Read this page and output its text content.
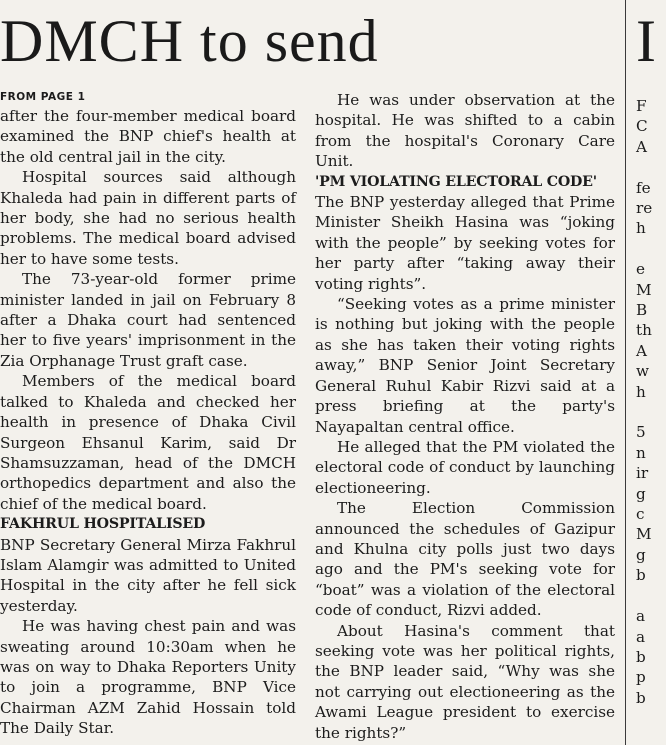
DMCH to send	I
FROM PAGE 1

after the four-member medical board examined the BNP chief's health at the old central jail in the city.

Hospital sources said although Khaleda had pain in different parts of her body, she had no serious health problems. The medical board advised her to have some tests.

The 73-year-old former prime minister landed in jail on February 8 after a Dhaka court had sentenced her to five years' imprisonment in the Zia Orphanage Trust graft case.

Members of the medical board talked to Khaleda and checked her health in presence of Dhaka Civil Surgeon Ehsanul Karim, said Dr Shamsuzzaman, head of the DMCH orthopedics department and also the chief of the medical board.

FAKHRUL HOSPITALISED

BNP Secretary General Mirza Fakhrul Islam Alamgir was admitted to United Hospital in the city after he fell sick yesterday.

He was having chest pain and was sweating around 10:30am when he was on way to Dhaka Reporters Unity to join a programme, BNP Vice Chairman AZM Zahid Hossain told The Daily Star.

He was under observation at the hospital. He was shifted to a cabin from the hospital's Coronary Care Unit.

'PM VIOLATING ELECTORAL CODE'

The BNP yesterday alleged that Prime Minister Sheikh Hasina was “joking with the people” by seeking votes for her party after “taking away their voting rights”.

“Seeking votes as a prime minister is nothing but joking with the people as she has taken their voting rights away,” BNP Senior Joint Secretary General Ruhul Kabir Rizvi said at a press briefing at the party's Nayapaltan central office.

He alleged that the PM violated the electoral code of conduct by launching electioneering.

The Election Commission announced the schedules of Gazipur and Khulna city polls just two days ago and the PM's seeking vote for “boat” was a violation of the electoral code of conduct, Rizvi added.

About Hasina's comment that seeking vote was her political rights, the BNP leader said, “Why was she not carrying out electioneering as the Awami League president to exercise the rights?”

F
C
A
fe
re
h
e
M
B
th
A
w
h
5
n
ir
g
c
M
g
b
a
a
b
p
b
